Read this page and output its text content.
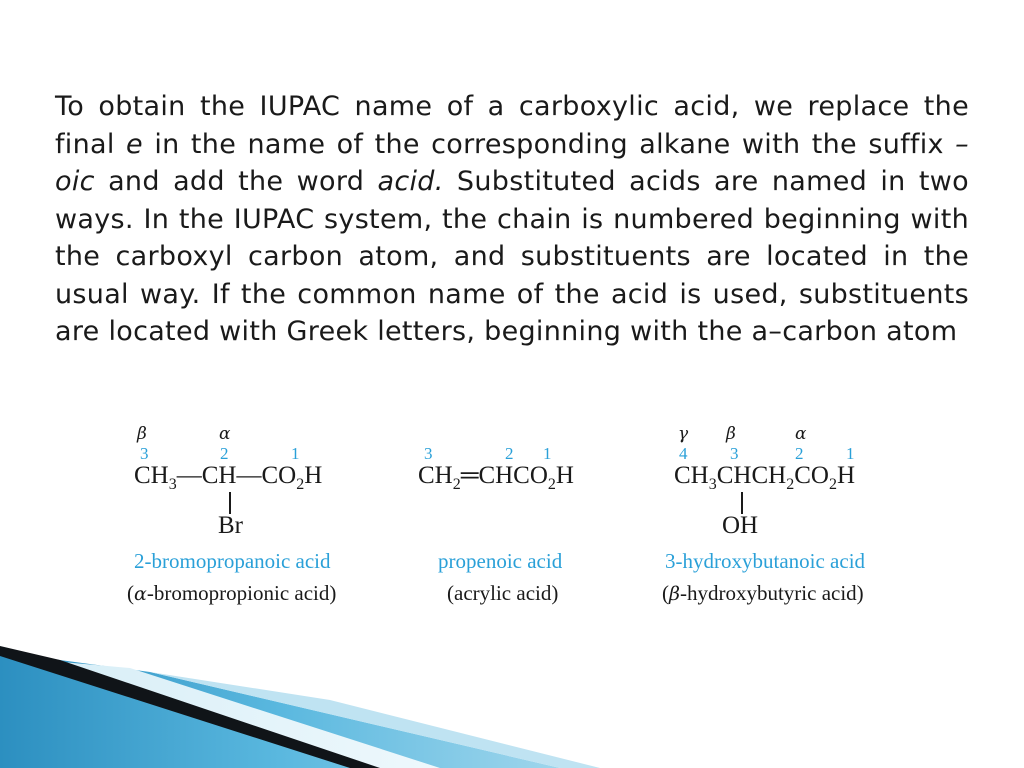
To obtain the IUPAC name of a carboxylic acid, we replace the final e in the name of the corresponding alkane with the suffix –oic and add the word acid. Substituted acids are named in two ways. In the IUPAC system, the chain is numbered beginning with the carboxyl carbon atom, and substituents are located in the usual way. If the common name of the acid is used, substituents are located with Greek letters, beginning with the a–carbon atom
β	α
3	2	1
$CH_3—CH—CO_2H$
Br
2-bromopropanoic acid
(α-bromopropionic acid)
3	2 1
$CH_2═CHCO_2H$
propenoic acid
(acrylic acid)
γ β	α
4	3	2	1
$CH_3CHCH_2CO_2H$
OH
3-hydroxybutanoic acid
(β-hydroxybutyric acid)
